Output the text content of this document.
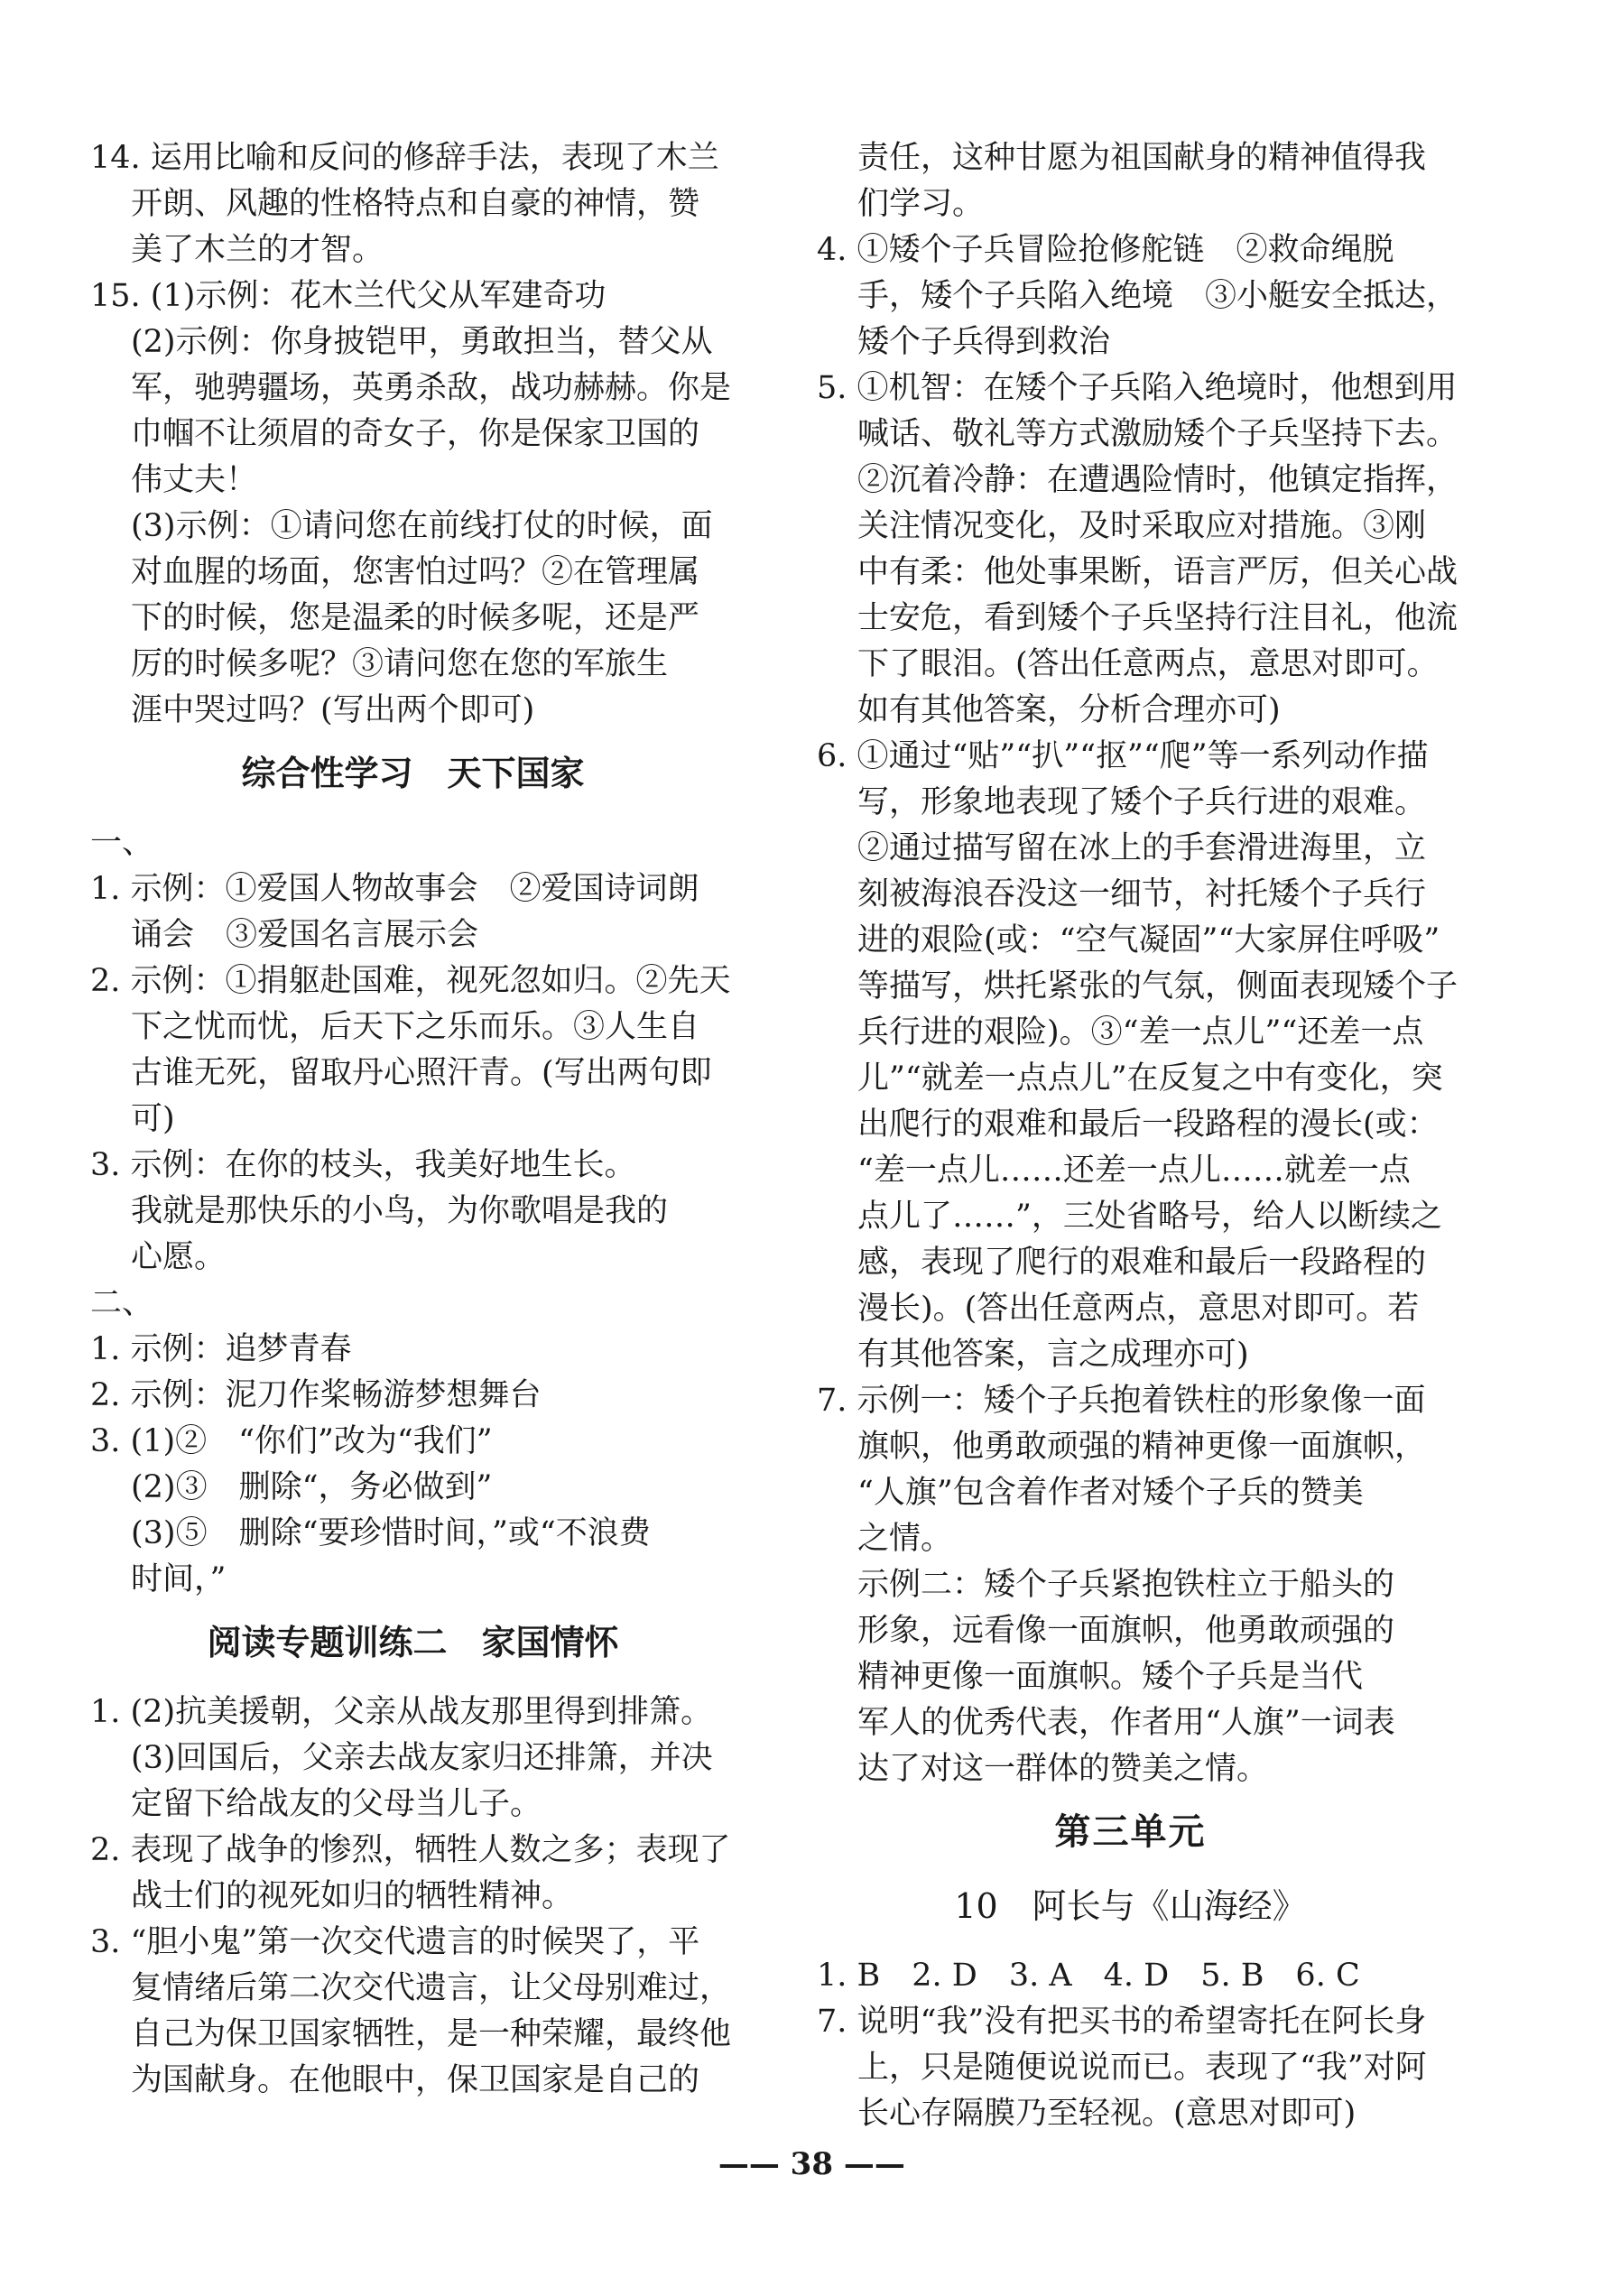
14. 运用比喻和反问的修辞手法，表现了木兰
开朗、风趣的性格特点和自豪的神情，赞
美了木兰的才智。
15. (1)示例：花木兰代父从军建奇功
(2)示例：你身披铠甲，勇敢担当，替父从
军，驰骋疆场，英勇杀敌，战功赫赫。你是
巾帼不让须眉的奇女子，你是保家卫国的
伟丈夫！
(3)示例：①请问您在前线打仗的时候，面
对血腥的场面，您害怕过吗？②在管理属
下的时候，您是温柔的时候多呢，还是严
厉的时候多呢？③请问您在您的军旅生
涯中哭过吗？(写出两个即可)
综合性学习　天下国家
一、
1. 示例：①爱国人物故事会　②爱国诗词朗
诵会　③爱国名言展示会
2. 示例：①捐躯赴国难，视死忽如归。②先天
下之忧而忧，后天下之乐而乐。③人生自
古谁无死，留取丹心照汗青。(写出两句即
可)
3. 示例：在你的枝头，我美好地生长。
我就是那快乐的小鸟，为你歌唱是我的
心愿。
二、
1. 示例：追梦青春
2. 示例：泥刀作桨畅游梦想舞台
3. (1)②　“你们”改为“我们”
(2)③　删除“，务必做到”
(3)⑤　删除“要珍惜时间，”或“不浪费
时间，”
阅读专题训练二　家国情怀
1. (2)抗美援朝，父亲从战友那里得到排箫。
(3)回国后，父亲去战友家归还排箫，并决
定留下给战友的父母当儿子。
2. 表现了战争的惨烈，牺牲人数之多；表现了
战士们的视死如归的牺牲精神。
3. “胆小鬼”第一次交代遗言的时候哭了，平
复情绪后第二次交代遗言，让父母别难过，
自己为保卫国家牺牲，是一种荣耀，最终他
为国献身。在他眼中，保卫国家是自己的
责任，这种甘愿为祖国献身的精神值得我
们学习。
4. ①矮个子兵冒险抢修舵链　②救命绳脱
手，矮个子兵陷入绝境　③小艇安全抵达，
矮个子兵得到救治
5. ①机智：在矮个子兵陷入绝境时，他想到用
喊话、敬礼等方式激励矮个子兵坚持下去。
②沉着冷静：在遭遇险情时，他镇定指挥，
关注情况变化，及时采取应对措施。③刚
中有柔：他处事果断，语言严厉，但关心战
士安危，看到矮个子兵坚持行注目礼，他流
下了眼泪。(答出任意两点，意思对即可。
如有其他答案，分析合理亦可)
6. ①通过“贴”“扒”“抠”“爬”等一系列动作描
写，形象地表现了矮个子兵行进的艰难。
②通过描写留在冰上的手套滑进海里，立
刻被海浪吞没这一细节，衬托矮个子兵行
进的艰险(或：“空气凝固”“大家屏住呼吸”
等描写，烘托紧张的气氛，侧面表现矮个子
兵行进的艰险)。③“差一点儿”“还差一点
儿”“就差一点点儿”在反复之中有变化，突
出爬行的艰难和最后一段路程的漫长(或：
“差一点儿……还差一点儿……就差一点
点儿了……”，三处省略号，给人以断续之
感，表现了爬行的艰难和最后一段路程的
漫长)。(答出任意两点，意思对即可。若
有其他答案，言之成理亦可)
7. 示例一：矮个子兵抱着铁柱的形象像一面
旗帜，他勇敢顽强的精神更像一面旗帜，
“人旗”包含着作者对矮个子兵的赞美
之情。
示例二：矮个子兵紧抱铁柱立于船头的
形象，远看像一面旗帜，他勇敢顽强的
精神更像一面旗帜。矮个子兵是当代
军人的优秀代表，作者用“人旗”一词表
达了对这一群体的赞美之情。
第三单元
10　阿长与《山海经》
1. B　2. D　3. A　4. D　5. B　6. C
7. 说明“我”没有把买书的希望寄托在阿长身
上，只是随便说说而已。表现了“我”对阿
长心存隔膜乃至轻视。(意思对即可)

—— 38 ——
